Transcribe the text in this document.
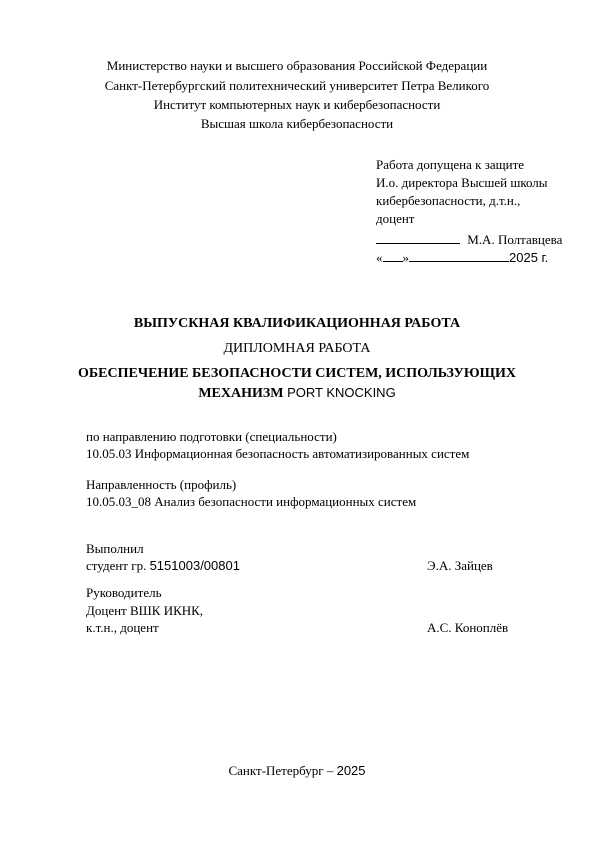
Министерство науки и высшего образования Российской Федерации
Санкт-Петербургский политехнический университет Петра Великого
Институт компьютерных наук и кибербезопасности
Высшая школа кибербезопасности
Работа допущена к защите
И.о. директора Высшей школы
кибербезопасности, д.т.н.,
доцент
М.А. Полтавцева
« »	2025 г.
ВЫПУСКНАЯ КВАЛИФИКАЦИОННАЯ РАБОТА
ДИПЛОМНАЯ РАБОТА
ОБЕСПЕЧЕНИЕ БЕЗОПАСНОСТИ СИСТЕМ, ИСПОЛЬЗУЮЩИХ
МЕХАНИЗМ PORT KNOCKING
по направлению подготовки (специальности)
10.05.03 Информационная безопасность автоматизированных систем
Направленность (профиль)
10.05.03_08 Анализ безопасности информационных систем
Выполнил
студент гр. 5151003/00801	Э.А. Зайцев
Руководитель
Доцент ВШК ИКНК,
к.т.н., доцент	А.С. Коноплёв
Санкт-Петербург – 2025
